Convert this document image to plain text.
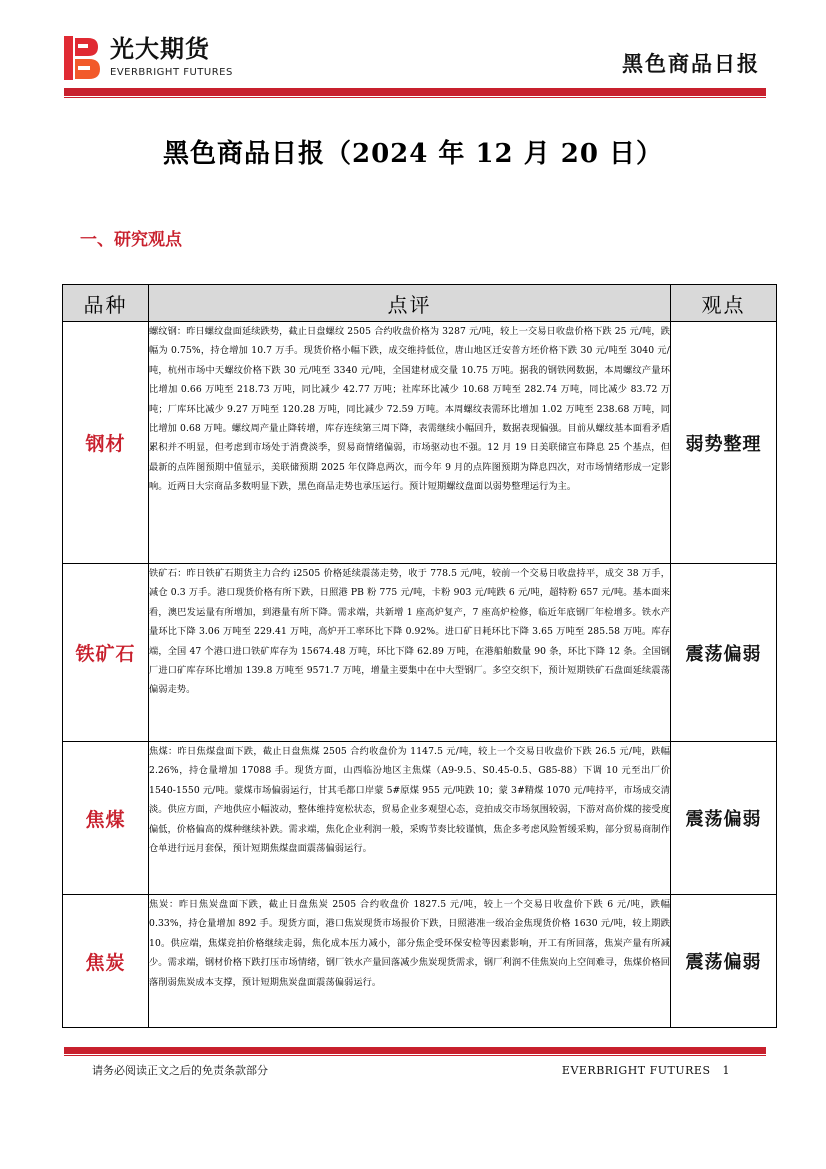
光大期货
EVERBRIGHT FUTURES	黑色商品日报
黑色商品日报（2024 年 12 月 20 日）
一、研究观点
品种	点评	观点
钢材	螺纹钢：昨日螺纹盘面延续跌势，截止日盘螺纹 2505 合约收盘价格为 3287 元/吨，较上一交易日收盘价格下跌 25 元/吨，跌幅为 0.75%，持仓增加 10.7 万手。现货价格小幅下跌，成交维持低位，唐山地区迁安普方坯价格下跌 30 元/吨至 3040 元/吨，杭州市场中天螺纹价格下跌 30 元/吨至 3340 元/吨，全国建材成交量 10.75 万吨。据我的钢铁网数据，本周螺纹产量环比增加 0.66 万吨至 218.73 万吨，同比减少 42.77 万吨；社库环比减少 10.68 万吨至 282.74 万吨，同比减少 83.72 万吨；厂库环比减少 9.27 万吨至 120.28 万吨，同比减少 72.59 万吨。本周螺纹表需环比增加 1.02 万吨至 238.68 万吨，同比增加 0.68 万吨。螺纹周产量止降转增，库存连续第三周下降，表需继续小幅回升，数据表现偏强。目前从螺纹基本面看矛盾累积并不明显，但考虑到市场处于消费淡季，贸易商情绪偏弱，市场驱动也不强。12 月 19 日美联储宣布降息 25 个基点，但最新的点阵图预期中值显示，美联储预期 2025 年仅降息两次，而今年 9 月的点阵图预期为降息四次，对市场情绪形成一定影响。近两日大宗商品多数明显下跌，黑色商品走势也承压运行。预计短期螺纹盘面以弱势整理运行为主。	弱势整理
铁矿石	铁矿石：昨日铁矿石期货主力合约 i2505 价格延续震荡走势，收于 778.5 元/吨，较前一个交易日收盘持平，成交 38 万手，减仓 0.3 万手。港口现货价格有所下跌，日照港 PB 粉 775 元/吨，卡粉 903 元/吨跌 6 元/吨，超特粉 657 元/吨。基本面来看，澳巴发运量有所增加，到港量有所下降。需求端，共新增 1 座高炉复产，7 座高炉检修，临近年底钢厂年检增多。铁水产量环比下降 3.06 万吨至 229.41 万吨，高炉开工率环比下降 0.92%。进口矿日耗环比下降 3.65 万吨至 285.58 万吨。库存端，全国 47 个港口进口铁矿库存为 15674.48 万吨，环比下降 62.89 万吨，在港船舶数量 90 条，环比下降 12 条。全国钢厂进口矿库存环比增加 139.8 万吨至 9571.7 万吨，增量主要集中在中大型钢厂。多空交织下，预计短期铁矿石盘面延续震荡偏弱走势。	震荡偏弱
焦煤	焦煤：昨日焦煤盘面下跌，截止日盘焦煤 2505 合约收盘价为 1147.5 元/吨，较上一个交易日收盘价下跌 26.5 元/吨，跌幅 2.26%，持仓量增加 17088 手。现货方面，山西临汾地区主焦煤（A9-9.5、S0.45-0.5、G85-88）下调 10 元至出厂价 1540-1550 元/吨。蒙煤市场偏弱运行，甘其毛都口岸蒙 5#原煤 955 元/吨跌 10；蒙 3#精煤 1070 元/吨持平，市场成交清淡。供应方面，产地供应小幅波动，整体维持宽松状态，贸易企业多观望心态，竞拍成交市场氛围较弱，下游对高价煤的接受度偏低，价格偏高的煤种继续补跌。需求端，焦化企业利润一般，采购节奏比较谨慎，焦企多考虑风险暂缓采购，部分贸易商制作仓单进行远月套保，预计短期焦煤盘面震荡偏弱运行。	震荡偏弱
焦炭	焦炭：昨日焦炭盘面下跌，截止日盘焦炭 2505 合约收盘价 1827.5 元/吨，较上一个交易日收盘价下跌 6 元/吨，跌幅 0.33%，持仓量增加 892 手。现货方面，港口焦炭现货市场报价下跌，日照港准一级冶金焦现货价格 1630 元/吨，较上期跌 10。供应端，焦煤竞拍价格继续走弱，焦化成本压力减小，部分焦企受环保安检等因素影响，开工有所回落，焦炭产量有所减少。需求端，钢材价格下跌打压市场情绪，钢厂铁水产量回落减少焦炭现货需求，钢厂利润不佳焦炭向上空间难寻，焦煤价格回落削弱焦炭成本支撑，预计短期焦炭盘面震荡偏弱运行。	震荡偏弱
请务必阅读正文之后的免责条款部分	EVERBRIGHT FUTURES 1
